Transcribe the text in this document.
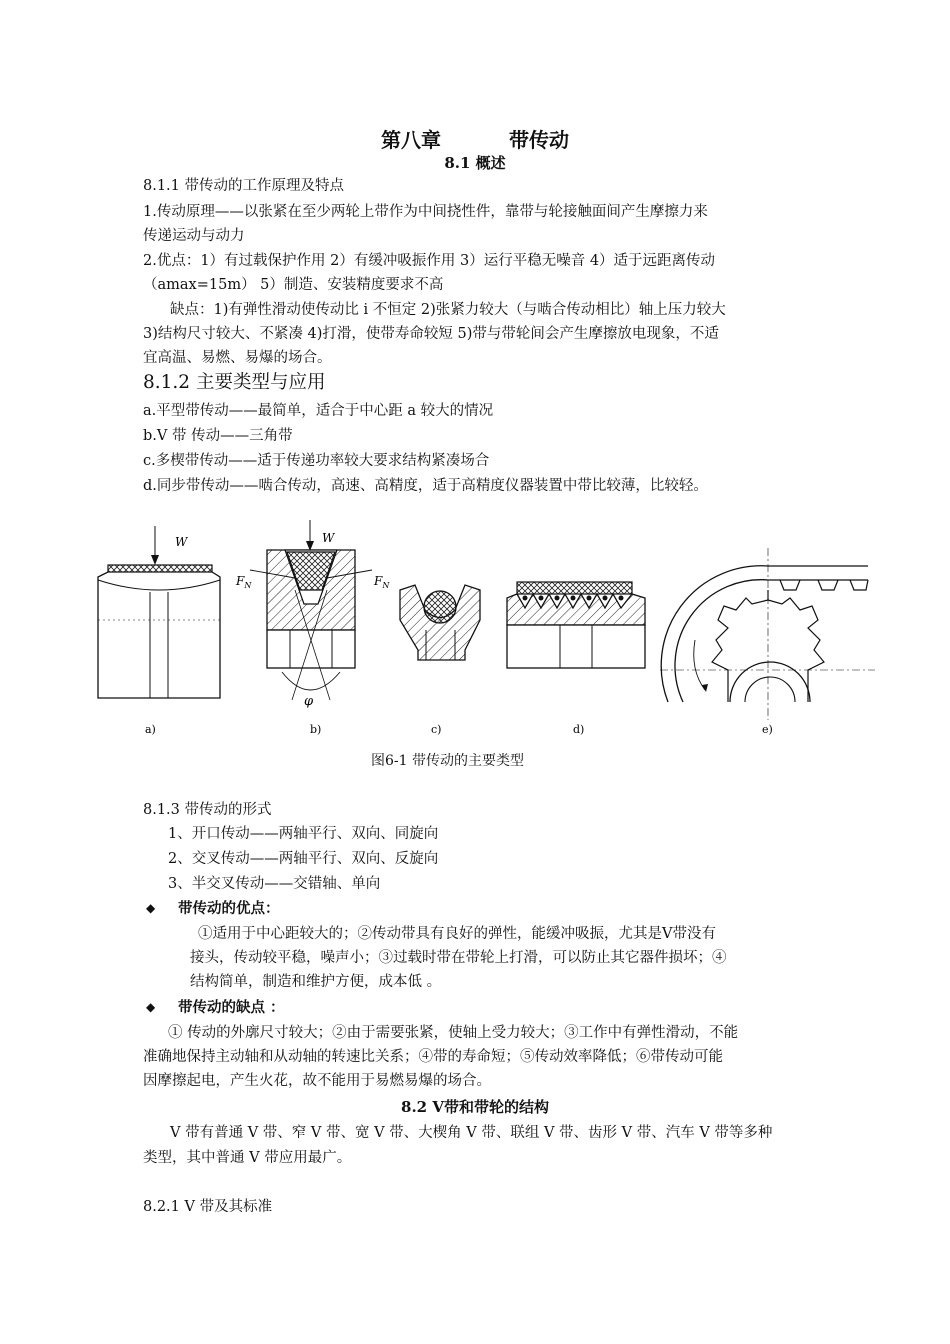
第八章	带传动
8.1 概述
8.1.1 带传动的工作原理及特点
1.传动原理——以张紧在至少两轮上带作为中间挠性件，靠带与轮接触面间产生摩擦力来
传递运动与动力
2.优点：1）有过载保护作用 2）有缓冲吸振作用 3）运行平稳无噪音 4）适于远距离传动
（amax=15m） 5）制造、安装精度要求不高
缺点：1)有弹性滑动使传动比 i 不恒定 2)张紧力较大（与啮合传动相比）轴上压力较大
3)结构尺寸较大、不紧凑 4)打滑，使带寿命较短 5)带与带轮间会产生摩擦放电现象，不适
宜高温、易燃、易爆的场合。
8.1.2 主要类型与应用
a.平型带传动——最简单，适合于中心距 a 较大的情况
b.V 带 传动——三角带
c.多楔带传动——适于传递功率较大要求结构紧凑场合
d.同步带传动——啮合传动，高速、高精度，适于高精度仪器装置中带比较薄，比较轻。
W	W
$F_N$	$F_N$
φ
a)	b)	c)	d)	e)
图6-1 带传动的主要类型
8.1.3 带传动的形式
1、开口传动——两轴平行、双向、同旋向
2、交叉传动——两轴平行、双向、反旋向
3、半交叉传动——交错轴、单向
◆ 带传动的优点：
①适用于中心距较大的；②传动带具有良好的弹性，能缓冲吸振，尤其是V带没有
接头，传动较平稳，噪声小；③过载时带在带轮上打滑，可以防止其它器件损坏；④
结构简单，制造和维护方便，成本低 。
◆ 带传动的缺点 ：
① 传动的外廓尺寸较大；②由于需要张紧，使轴上受力较大；③工作中有弹性滑动，不能
准确地保持主动轴和从动轴的转速比关系；④带的寿命短；⑤传动效率降低；⑥带传动可能
因摩擦起电，产生火花，故不能用于易燃易爆的场合。
8.2 V带和带轮的结构
V 带有普通 V 带、窄 V 带、宽 V 带、大楔角 V 带、联组 V 带、齿形 V 带、汽车 V 带等多种
类型，其中普通 V 带应用最广。
8.2.1 V 带及其标准
